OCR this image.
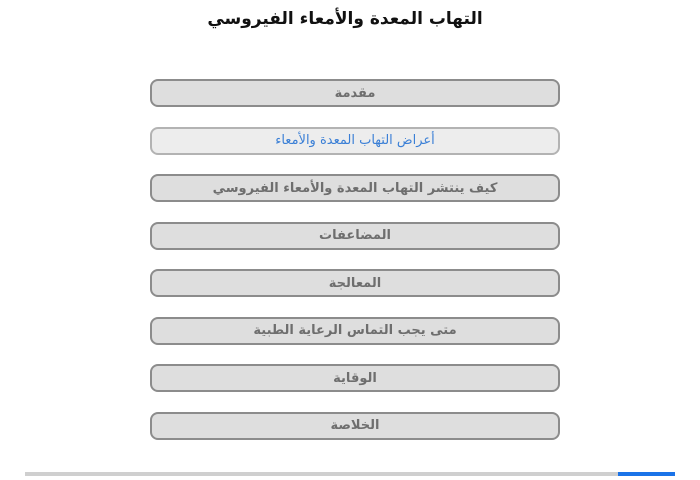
التهاب المعدة والأمعاء الفيروسي
مقدمة
أعراض التهاب المعدة والأمعاء
كيف ينتشر التهاب المعدة والأمعاء الفيروسي
المضاعفات
المعالجة
متى يجب التماس الرعاية الطبية
الوقاية
الخلاصة
